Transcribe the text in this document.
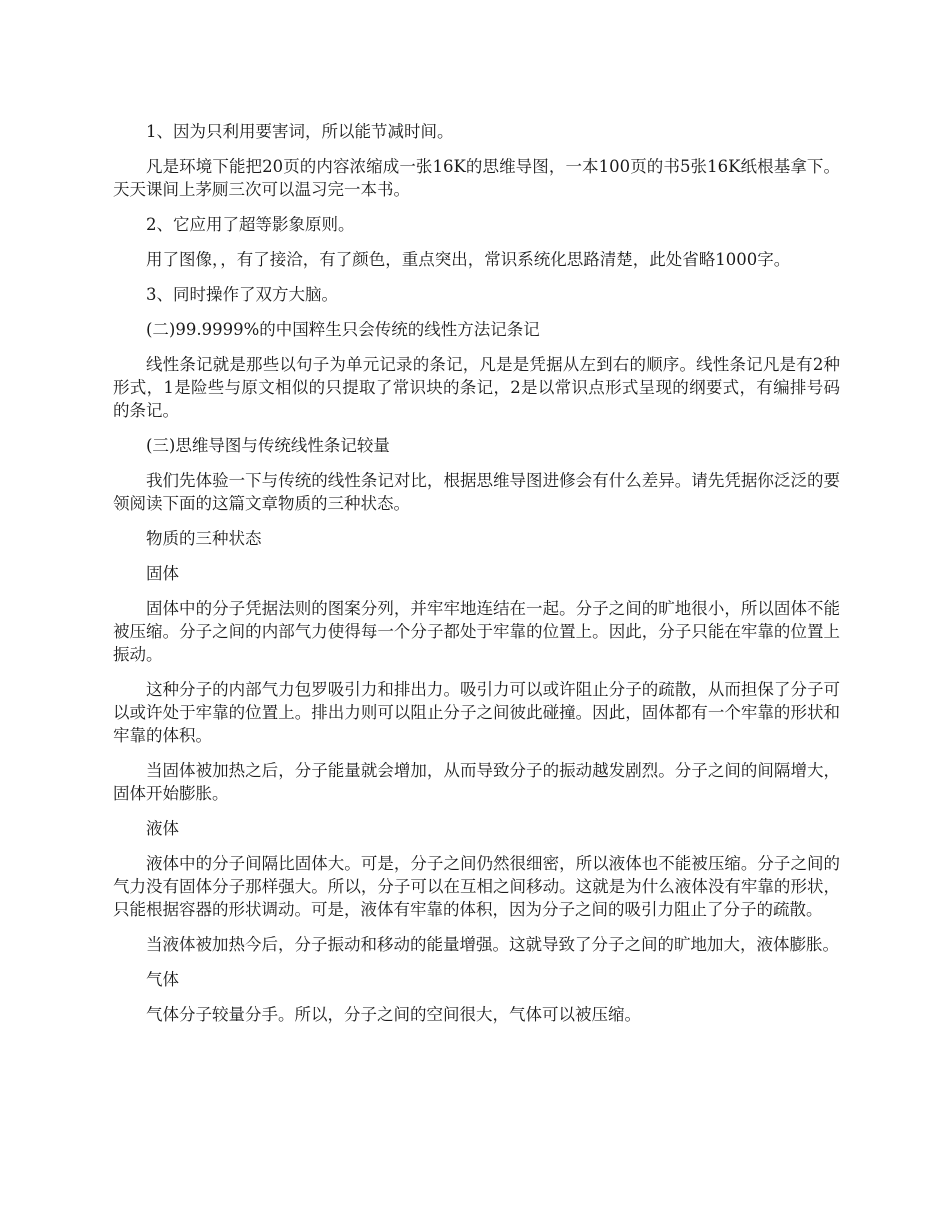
1、因为只利用要害词，所以能节减时间。

凡是环境下能把20页的内容浓缩成一张16K的思维导图，一本100页的书5张16K纸根基拿下。天天课间上茅厕三次可以温习完一本书。

2、它应用了超等影象原则。

用了图像，，有了接洽，有了颜色，重点突出，常识系统化思路清楚，此处省略1000字。

3、同时操作了双方大脑。

(二)99.9999%的中国粹生只会传统的线性方法记条记

线性条记就是那些以句子为单元记录的条记，凡是是凭据从左到右的顺序。线性条记凡是有2种形式，1是险些与原文相似的只提取了常识块的条记，2是以常识点形式呈现的纲要式，有编排号码的条记。

(三)思维导图与传统线性条记较量

我们先体验一下与传统的线性条记对比，根据思维导图进修会有什么差异。请先凭据你泛泛的要领阅读下面的这篇文章物质的三种状态。

物质的三种状态

固体

固体中的分子凭据法则的图案分列，并牢牢地连结在一起。分子之间的旷地很小，所以固体不能被压缩。分子之间的内部气力使得每一个分子都处于牢靠的位置上。因此，分子只能在牢靠的位置上振动。

这种分子的内部气力包罗吸引力和排出力。吸引力可以或许阻止分子的疏散，从而担保了分子可以或许处于牢靠的位置上。排出力则可以阻止分子之间彼此碰撞。因此，固体都有一个牢靠的形状和牢靠的体积。

当固体被加热之后，分子能量就会增加，从而导致分子的振动越发剧烈。分子之间的间隔增大，固体开始膨胀。

液体

液体中的分子间隔比固体大。可是，分子之间仍然很细密，所以液体也不能被压缩。分子之间的气力没有固体分子那样强大。所以，分子可以在互相之间移动。这就是为什么液体没有牢靠的形状，只能根据容器的形状调动。可是，液体有牢靠的体积，因为分子之间的吸引力阻止了分子的疏散。

当液体被加热今后，分子振动和移动的能量增强。这就导致了分子之间的旷地加大，液体膨胀。

气体

气体分子较量分手。所以，分子之间的空间很大，气体可以被压缩。
